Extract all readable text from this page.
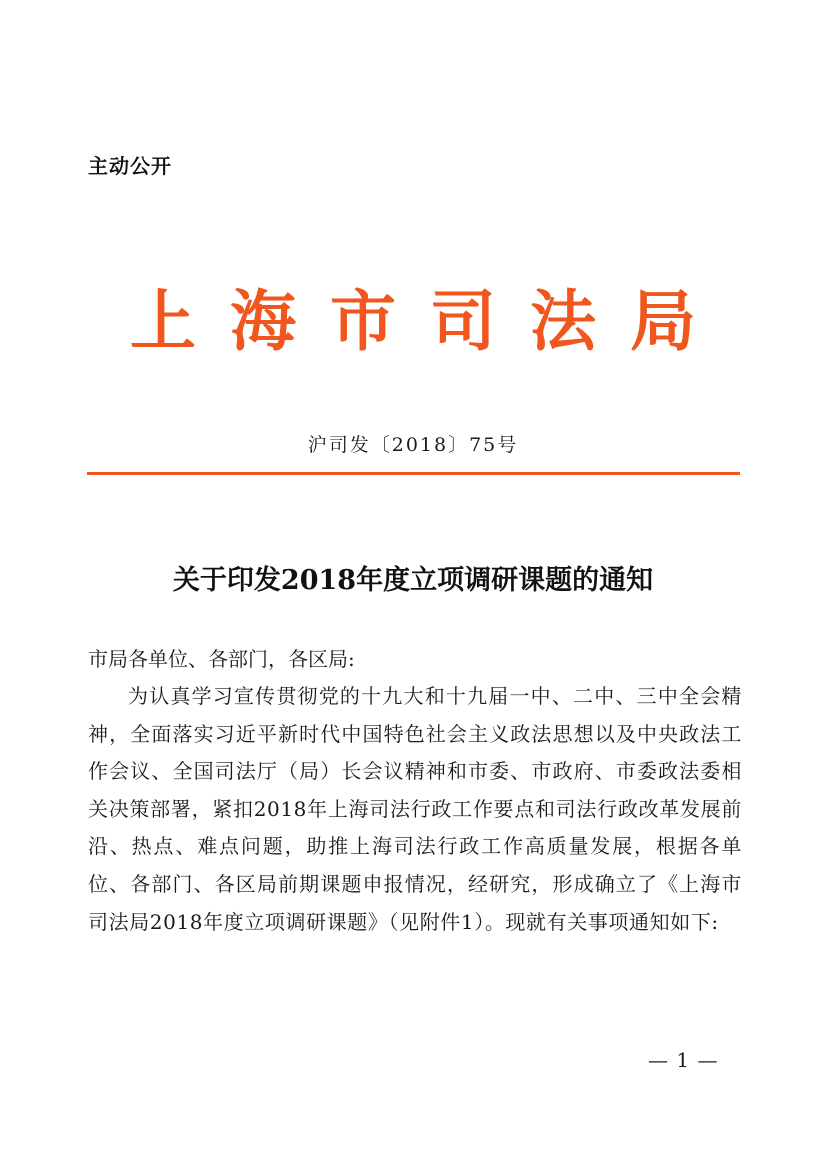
主动公开
上海市司法局
沪司发〔2018〕75号
关于印发2018年度立项调研课题的通知
市局各单位、各部门，各区局:

为认真学习宣传贯彻党的十九大和十九届一中、二中、三中全会精神，全面落实习近平新时代中国特色社会主义政法思想以及中央政法工作会议、全国司法厅（局）长会议精神和市委、市政府、市委政法委相关决策部署，紧扣2018年上海司法行政工作要点和司法行政改革发展前沿、热点、难点问题，助推上海司法行政工作高质量发展，根据各单位、各部门、各区局前期课题申报情况，经研究，形成确立了《上海市司法局2018年度立项调研课题》（见附件1）。现就有关事项通知如下:

— 1 —
